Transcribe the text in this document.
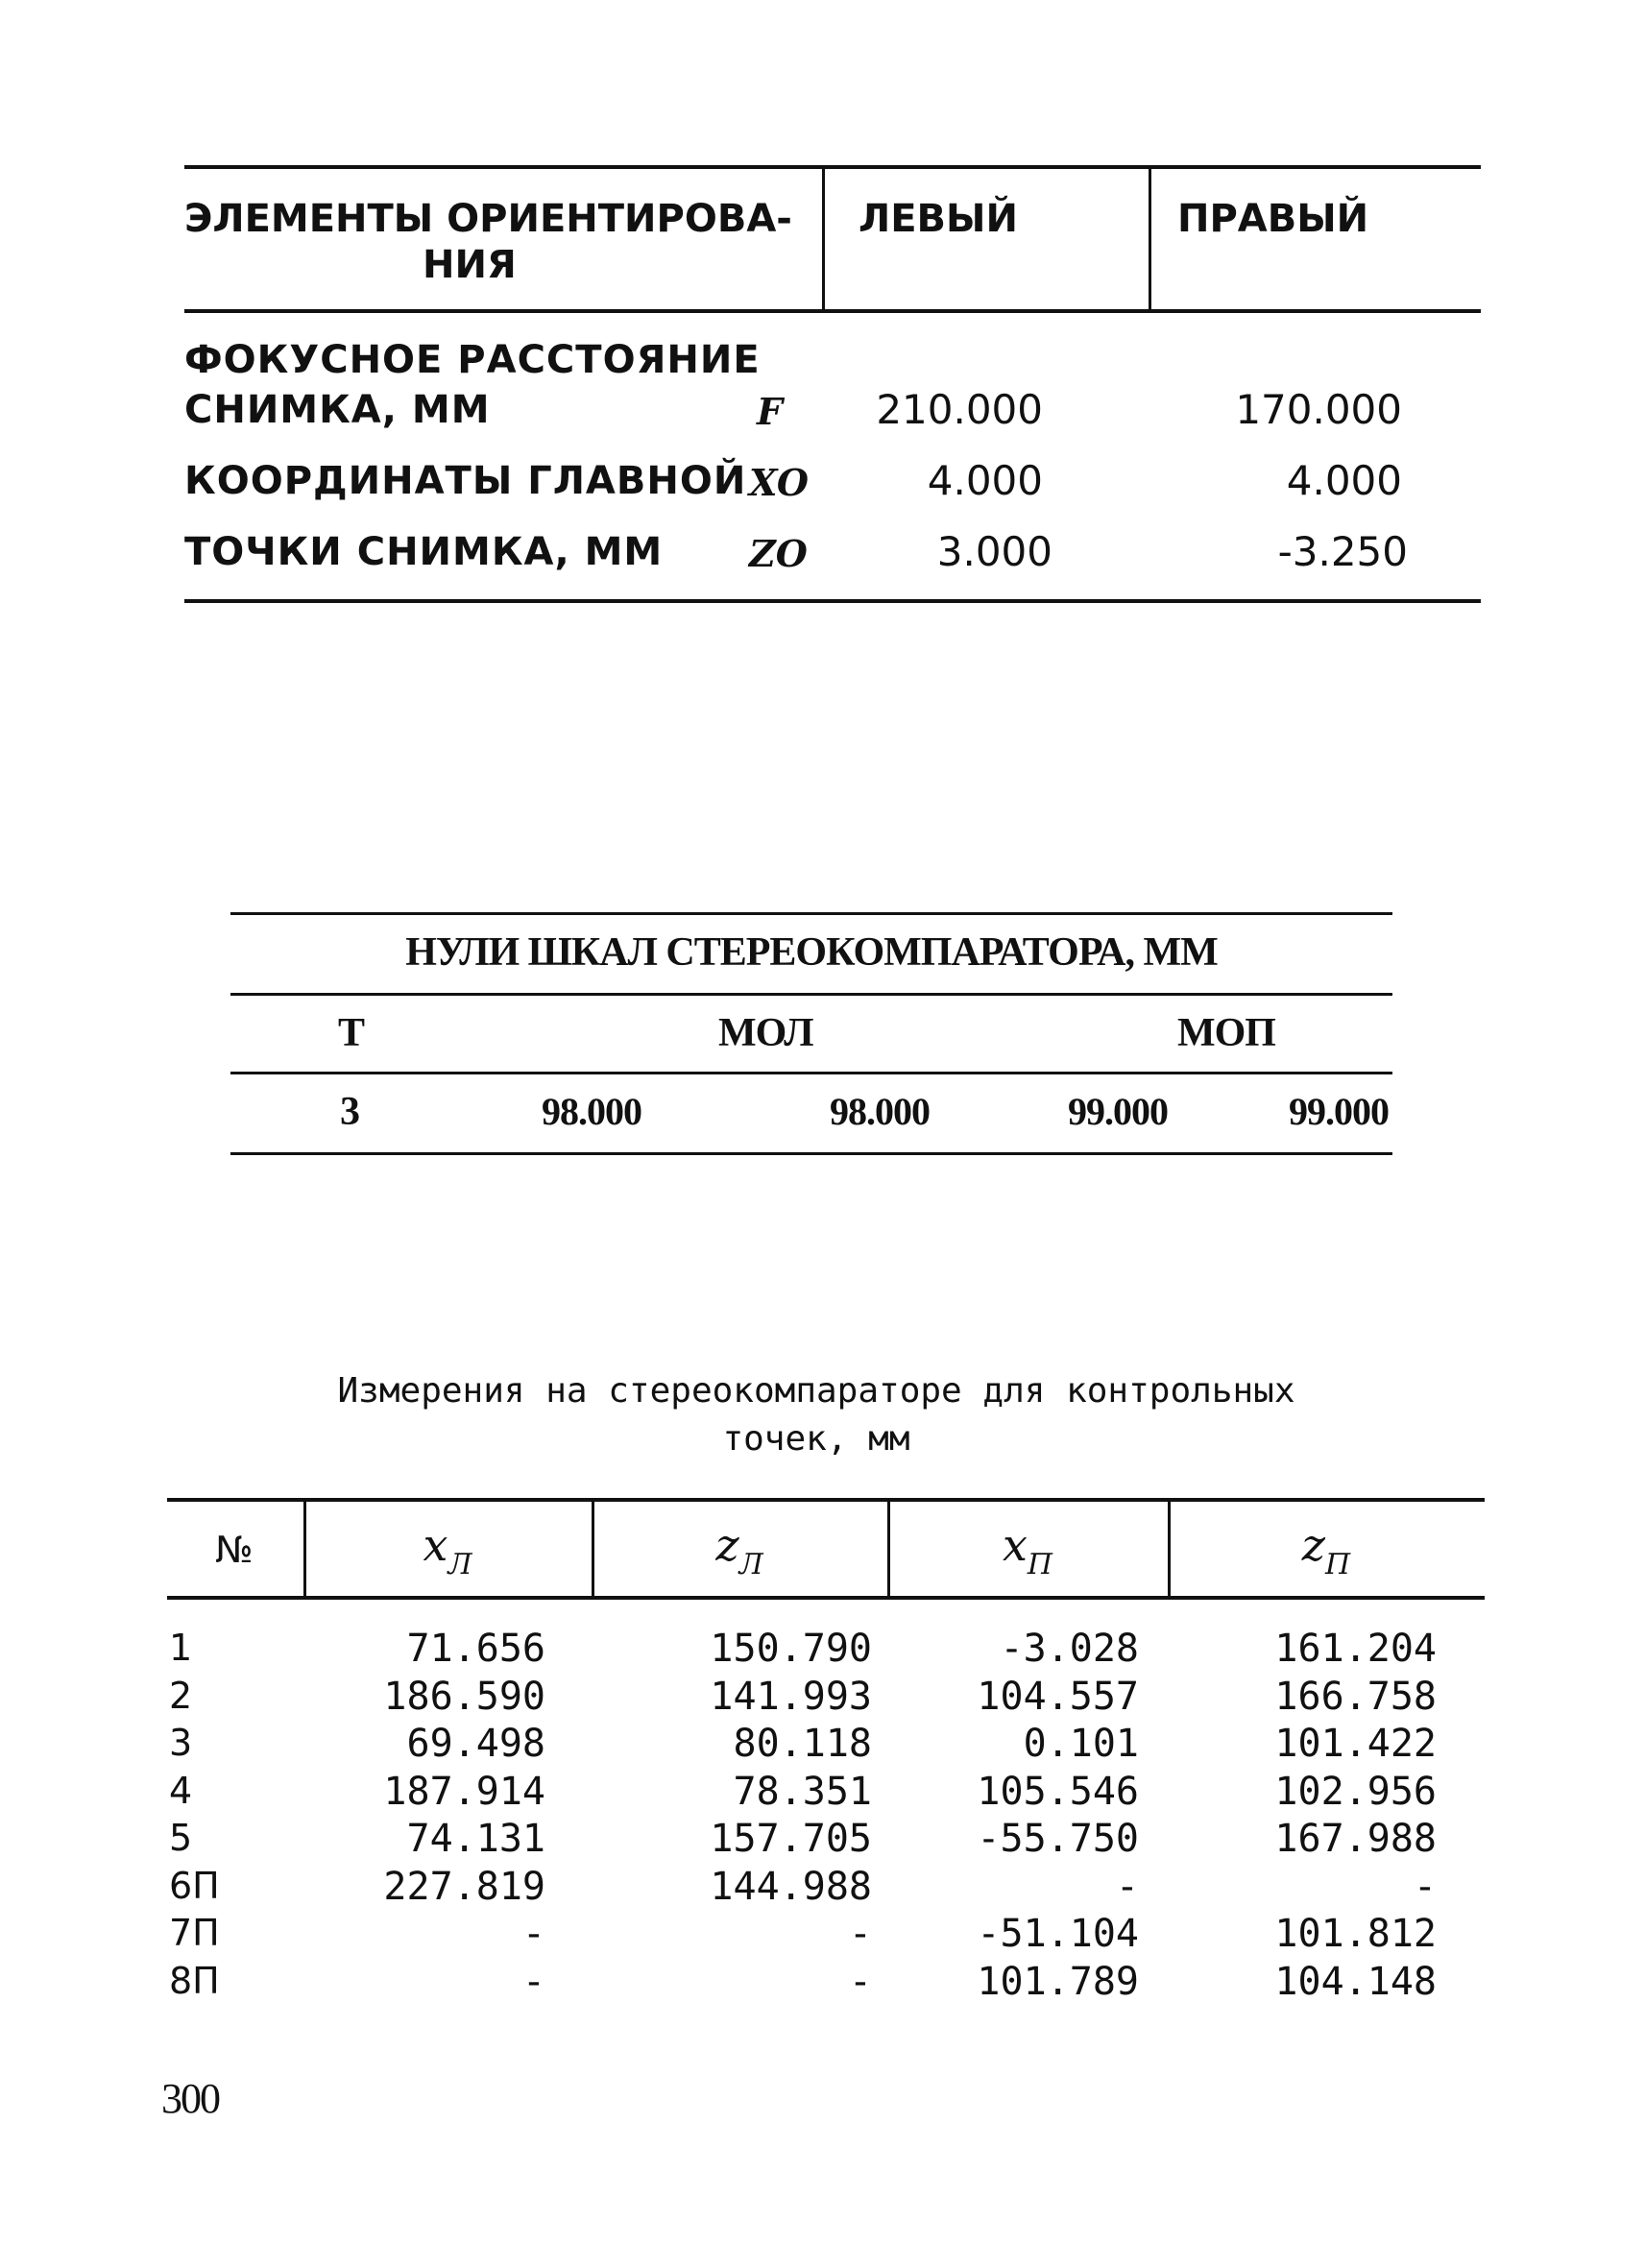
ЭЛЕМЕНТЫ ОРИЕНТИРОВА-
НИЯ
ЛЕВЫЙ	ПРАВЫЙ
ФОКУСНОЕ РАССТОЯНИЕ
СНИМКА, ММ	F	210.000	170.000
КООРДИНАТЫ ГЛАВНОЙ XO	4.000	4.000
ТОЧКИ СНИМКА, ММ ZO	3.000	-3.250
НУЛИ ШКАЛ СТЕРЕОКОМПАРАТОРА, ММ
Т	МОЛ	МОП
3	98.000	98.000	99.000	99.000
Измерения на стереокомпараторе для контрольных
точек, мм
№	$x_Л$	$z_Л$	$x_П$	$z_П$
1	71.656	150.790	-3.028	161.204
2	186.590	141.993	104.557	166.758
3	69.498	80.118	0.101	101.422
4	187.914	78.351	105.546	102.956
5	74.131	157.705	-55.750	167.988
6П	227.819	144.988	-	-
7П	-	-	-51.104	101.812
8П	-	-	101.789	104.148
300
